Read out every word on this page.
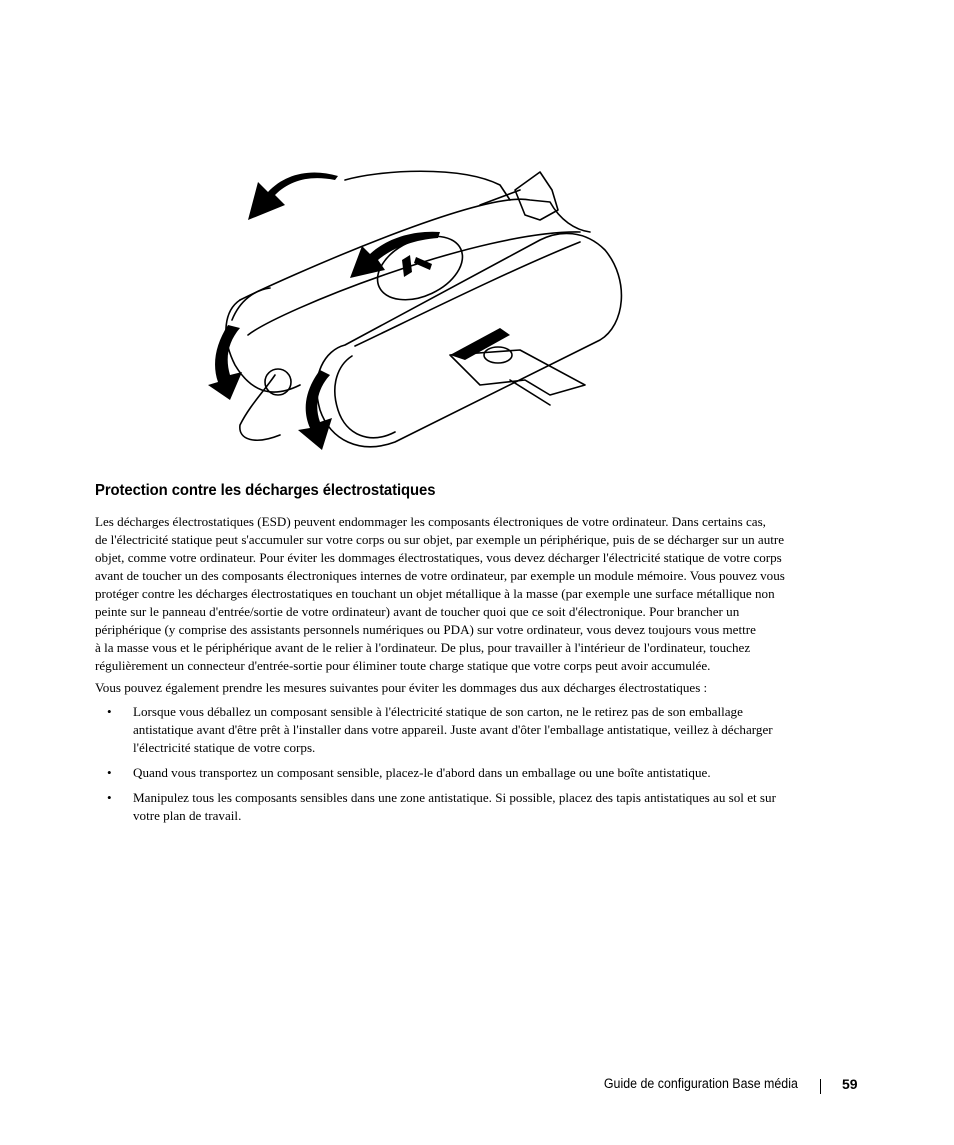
Protection contre les décharges électrostatiques

Les décharges électrostatiques (ESD) peuvent endommager les composants électroniques de votre ordinateur. Dans certains cas,
de l'électricité statique peut s'accumuler sur votre corps ou sur objet, par exemple un périphérique, puis de se décharger sur un autre
objet, comme votre ordinateur. Pour éviter les dommages électrostatiques, vous devez décharger l'électricité statique de votre corps
avant de toucher un des composants électroniques internes de votre ordinateur, par exemple un module mémoire. Vous pouvez vous
protéger contre les décharges électrostatiques en touchant un objet métallique à la masse (par exemple une surface métallique non
peinte sur le panneau d'entrée/sortie de votre ordinateur) avant de toucher quoi que ce soit d'électronique. Pour brancher un
périphérique (y comprise des assistants personnels numériques ou PDA) sur votre ordinateur, vous devez toujours vous mettre
à la masse vous et le périphérique avant de le relier à l'ordinateur. De plus, pour travailler à l'intérieur de l'ordinateur, touchez
régulièrement un connecteur d'entrée-sortie pour éliminer toute charge statique que votre corps peut avoir accumulée.

Vous pouvez également prendre les mesures suivantes pour éviter les dommages dus aux décharges électrostatiques :

• Lorsque vous déballez un composant sensible à l'électricité statique de son carton, ne le retirez pas de son emballage
antistatique avant d'être prêt à l'installer dans votre appareil. Juste avant d'ôter l'emballage antistatique, veillez à décharger
l'électricité statique de votre corps.
• Quand vous transportez un composant sensible, placez-le d'abord dans un emballage ou une boîte antistatique.
• Manipulez tous les composants sensibles dans une zone antistatique. Si possible, placez des tapis antistatiques au sol et sur
votre plan de travail.
Guide de configuration Base média	59
